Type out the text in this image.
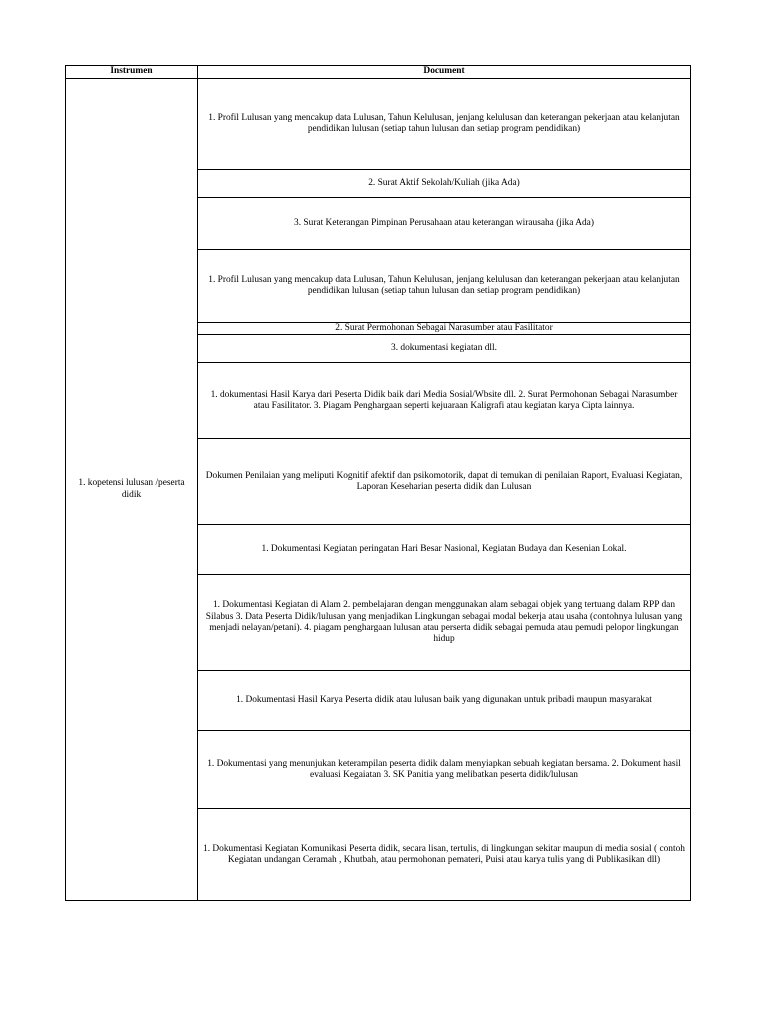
Instrumen	Document
1. kopetensi lulusan /peserta didik	1. Profil Lulusan yang mencakup data Lulusan, Tahun Kelulusan, jenjang kelulusan dan keterangan pekerjaan atau kelanjutan pendidikan lulusan (setiap tahun lulusan dan setiap program pendidikan)
	2. Surat Aktif Sekolah/Kuliah (jika Ada)
	3. Surat Keterangan Pimpinan Perusahaan atau keterangan wirausaha (jika Ada)
	1. Profil Lulusan yang mencakup data Lulusan, Tahun Kelulusan, jenjang kelulusan dan keterangan pekerjaan atau kelanjutan pendidikan lulusan (setiap tahun lulusan dan setiap program pendidikan)
	2. Surat Permohonan Sebagai Narasumber atau Fasilitator
	3. dokumentasi kegiatan dll.
	1. dokumentasi Hasil Karya dari Peserta Didik baik dari Media Sosial/Wbsite dll. 2. Surat Permohonan Sebagai Narasumber atau Fasilitator. 3. Piagam Penghargaan seperti kejuaraan Kaligrafi atau kegiatan karya Cipta lainnya.
	Dokumen Penilaian yang meliputi Kognitif afektif dan psikomotorik, dapat di temukan di penilaian Raport, Evaluasi Kegiatan, Laporan Keseharian peserta didik dan Lulusan
	1. Dokumentasi Kegiatan peringatan Hari Besar Nasional, Kegiatan Budaya dan Kesenian Lokal.
	1. Dokumentasi Kegiatan di Alam 2. pembelajaran dengan menggunakan alam sebagai objek yang tertuang dalam RPP dan Silabus 3. Data Peserta Didik/lulusan yang menjadikan Lingkungan sebagai modal bekerja atau usaha (contohnya lulusan yang menjadi nelayan/petani). 4. piagam penghargaan lulusan atau perserta didik sebagai pemuda atau pemudi pelopor lingkungan hidup
	1. Dokumentasi Hasil Karya Peserta didik atau lulusan baik yang digunakan untuk pribadi maupun masyarakat
	1. Dokumentasi yang menunjukan keterampilan peserta didik dalam menyiapkan sebuah kegiatan bersama. 2. Dokument hasil evaluasi Kegaiatan 3. SK Panitia yang melibatkan peserta didik/lulusan
	1. Dokumentasi Kegiatan Komunikasi Peserta didik, secara lisan, tertulis, di lingkungan sekitar maupun di media sosial ( contoh Kegiatan undangan Ceramah , Khutbah, atau permohonan pemateri, Puisi atau karya tulis yang di Publikasikan dll)
